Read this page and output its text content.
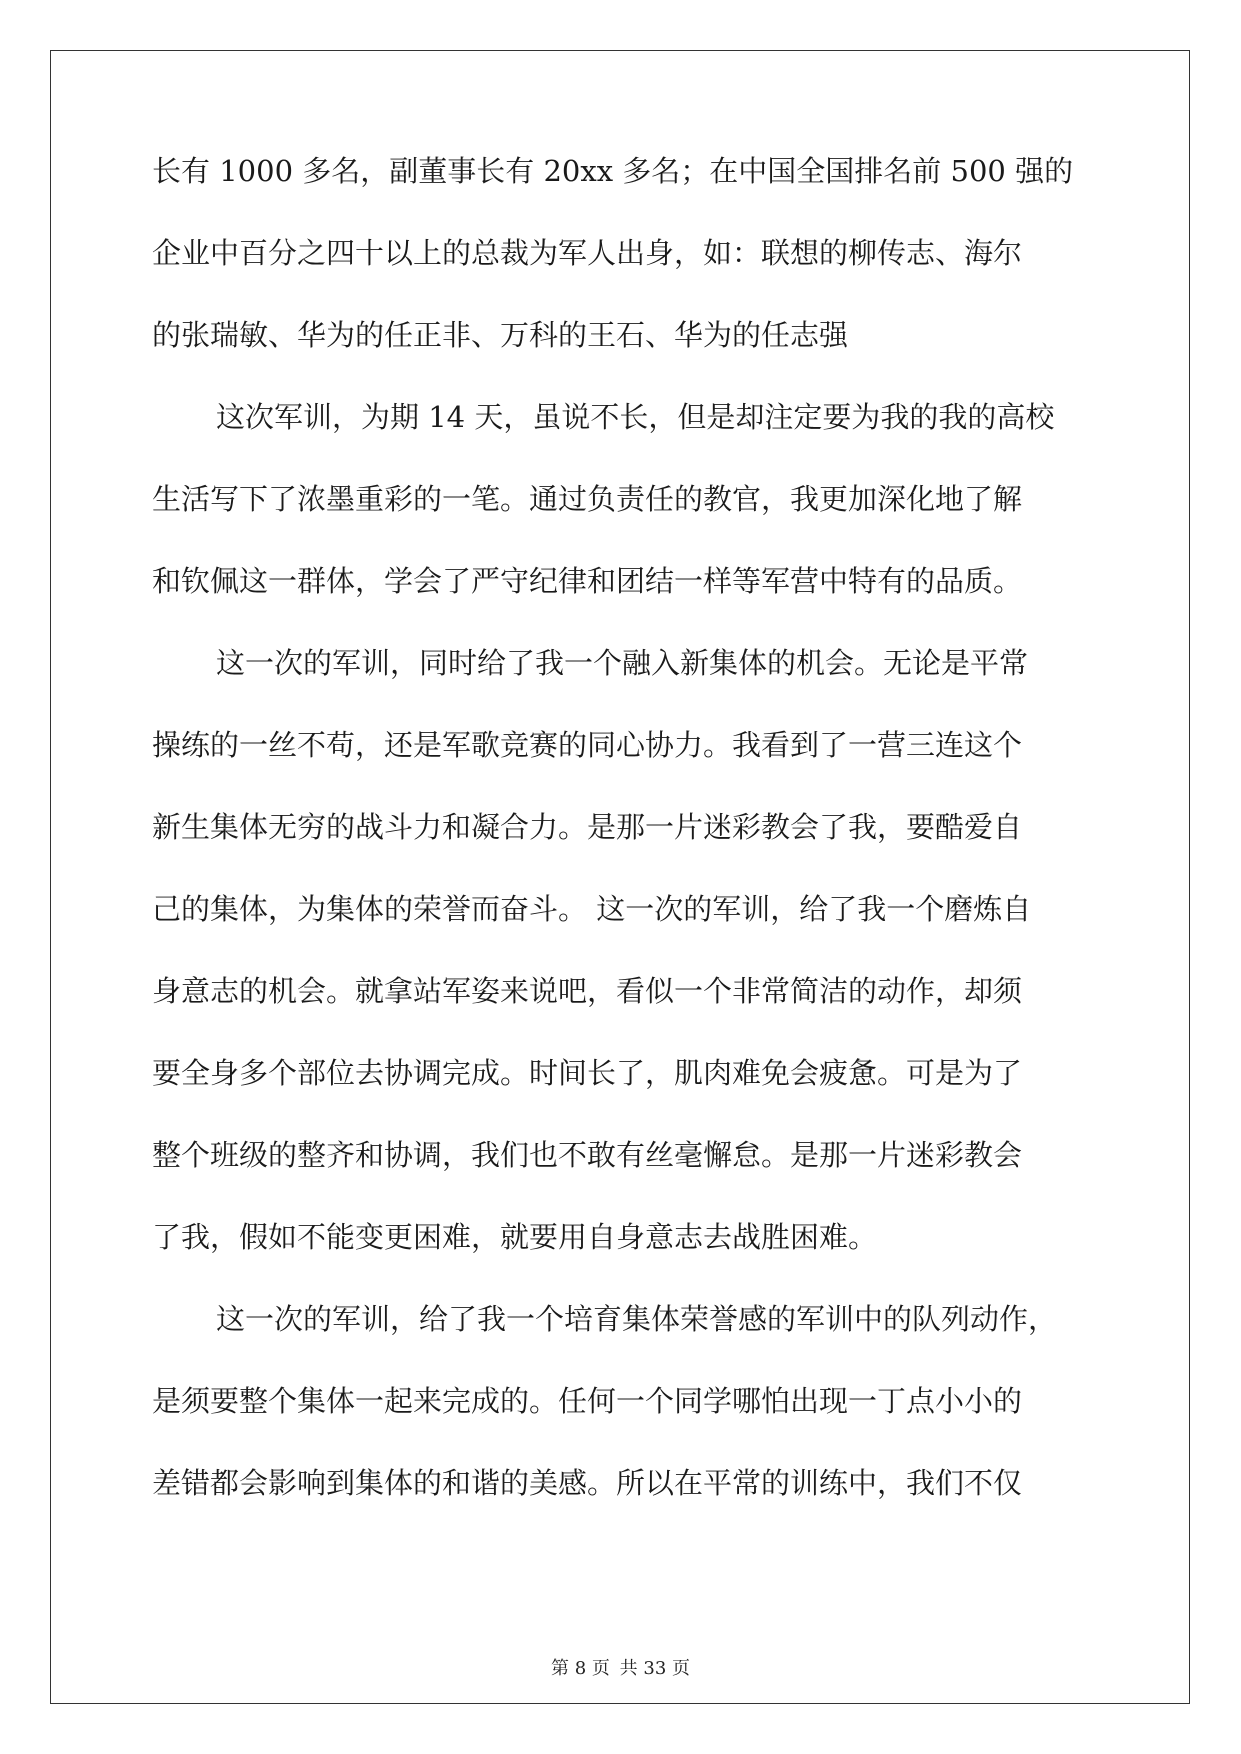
长有 1000 多名，副董事长有 20xx 多名；在中国全国排名前 500 强的
企业中百分之四十以上的总裁为军人出身，如：联想的柳传志、海尔
的张瑞敏、华为的任正非、万科的王石、华为的任志强
这次军训，为期 14 天，虽说不长，但是却注定要为我的我的高校
生活写下了浓墨重彩的一笔。通过负责任的教官，我更加深化地了解
和钦佩这一群体，学会了严守纪律和团结一样等军营中特有的品质。
这一次的军训，同时给了我一个融入新集体的机会。无论是平常
操练的一丝不苟，还是军歌竞赛的同心协力。我看到了一营三连这个
新生集体无穷的战斗力和凝合力。是那一片迷彩教会了我，要酷爱自
己的集体，为集体的荣誉而奋斗。 这一次的军训，给了我一个磨炼自
身意志的机会。就拿站军姿来说吧，看似一个非常简洁的动作，却须
要全身多个部位去协调完成。时间长了，肌肉难免会疲惫。可是为了
整个班级的整齐和协调，我们也不敢有丝毫懈怠。是那一片迷彩教会
了我，假如不能变更困难，就要用自身意志去战胜困难。
这一次的军训，给了我一个培育集体荣誉感的军训中的队列动作，
是须要整个集体一起来完成的。任何一个同学哪怕出现一丁点小小的
差错都会影响到集体的和谐的美感。所以在平常的训练中，我们不仅
第 8 页 共 33 页
